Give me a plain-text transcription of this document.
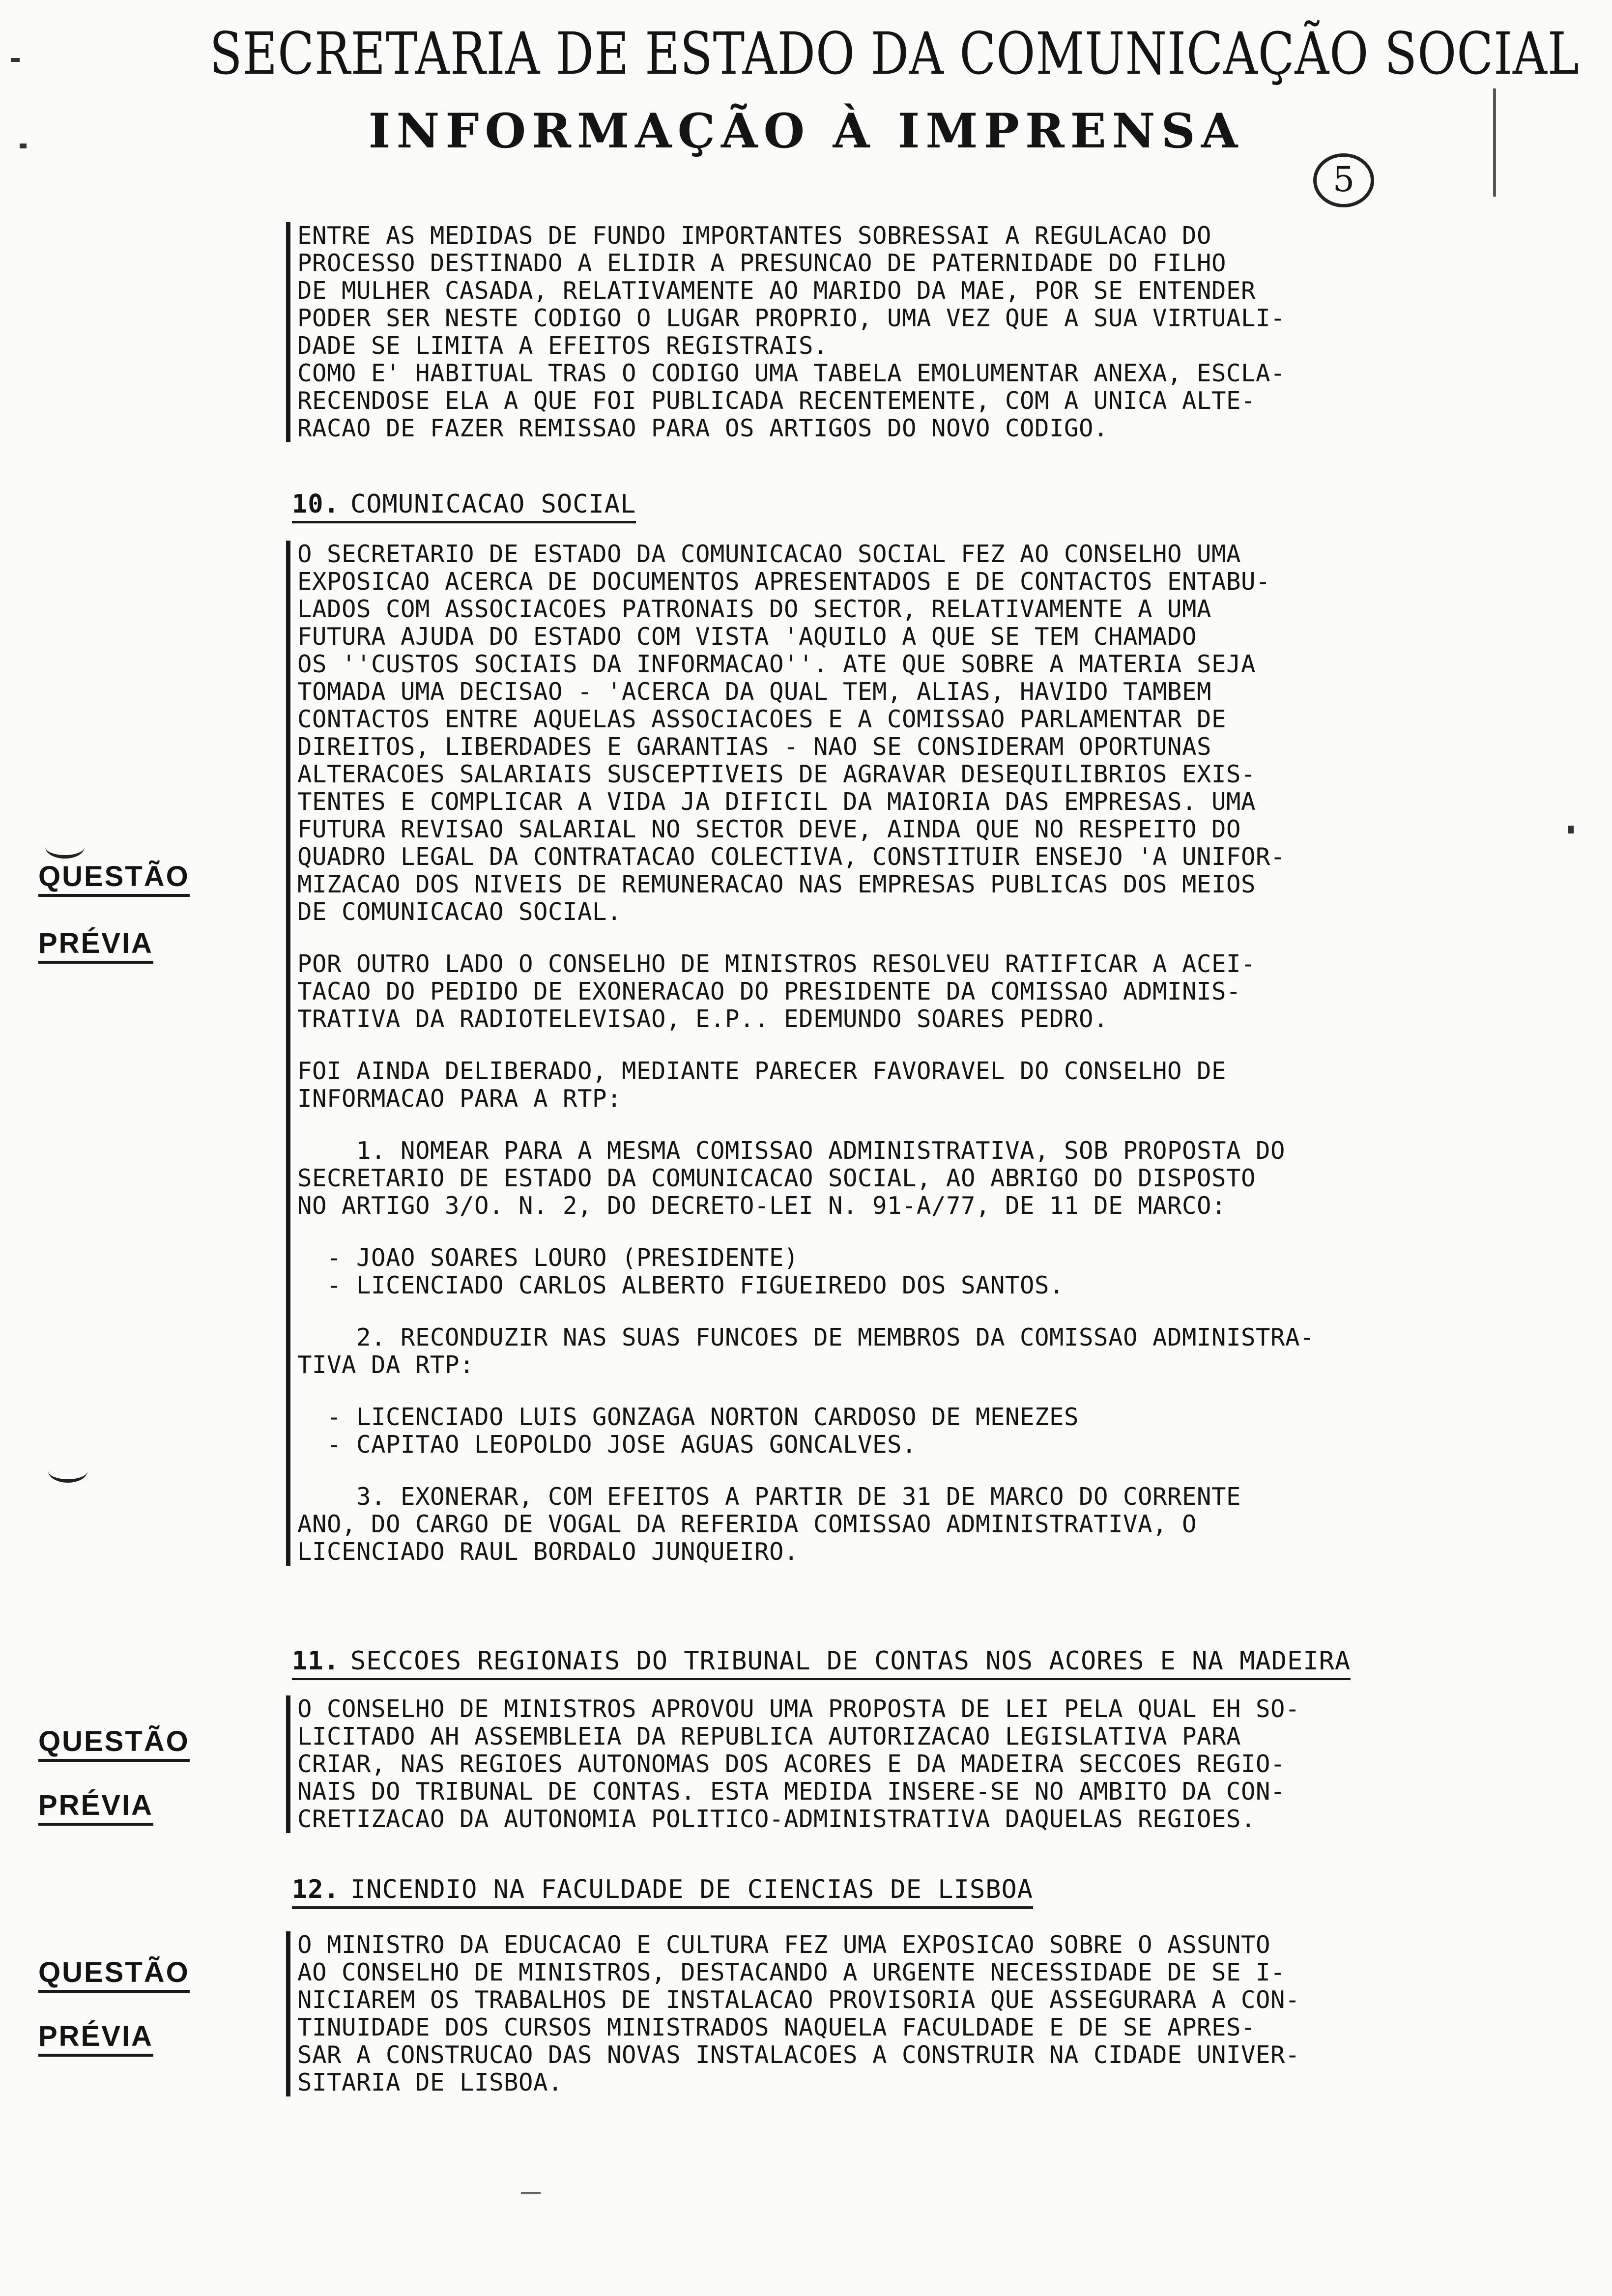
SECRETARIA DE ESTADO DA COMUNICAÇÃO SOCIAL
INFORMAÇÃO À IMPRENSA
5
ENTRE AS MEDIDAS DE FUNDO IMPORTANTES SOBRESSAI A REGULACAO DO
PROCESSO DESTINADO A ELIDIR A PRESUNCAO DE PATERNIDADE DO FILHO
DE MULHER CASADA, RELATIVAMENTE AO MARIDO DA MAE, POR SE ENTENDER
PODER SER NESTE CODIGO O LUGAR PROPRIO, UMA VEZ QUE A SUA VIRTUALI-
DADE SE LIMITA A EFEITOS REGISTRAIS.
COMO E' HABITUAL TRAS O CODIGO UMA TABELA EMOLUMENTAR ANEXA, ESCLA-
RECENDOSE ELA A QUE FOI PUBLICADA RECENTEMENTE, COM A UNICA ALTE-
RACAO DE FAZER REMISSAO PARA OS ARTIGOS DO NOVO CODIGO.
10. COMUNICACAO SOCIAL
O SECRETARIO DE ESTADO DA COMUNICACAO SOCIAL FEZ AO CONSELHO UMA
EXPOSICAO ACERCA DE DOCUMENTOS APRESENTADOS E DE CONTACTOS ENTABU-
LADOS COM ASSOCIACOES PATRONAIS DO SECTOR, RELATIVAMENTE A UMA
FUTURA AJUDA DO ESTADO COM VISTA 'AQUILO A QUE SE TEM CHAMADO
OS ''CUSTOS SOCIAIS DA INFORMACAO''. ATE QUE SOBRE A MATERIA SEJA
TOMADA UMA DECISAO - 'ACERCA DA QUAL TEM, ALIAS, HAVIDO TAMBEM
CONTACTOS ENTRE AQUELAS ASSOCIACOES E A COMISSAO PARLAMENTAR DE
DIREITOS, LIBERDADES E GARANTIAS - NAO SE CONSIDERAM OPORTUNAS
ALTERACOES SALARIAIS SUSCEPTIVEIS DE AGRAVAR DESEQUILIBRIOS EXIS-
TENTES E COMPLICAR A VIDA JA DIFICIL DA MAIORIA DAS EMPRESAS. UMA
FUTURA REVISAO SALARIAL NO SECTOR DEVE, AINDA QUE NO RESPEITO DO
QUADRO LEGAL DA CONTRATACAO COLECTIVA, CONSTITUIR ENSEJO 'A UNIFOR-
MIZACAO DOS NIVEIS DE REMUNERACAO NAS EMPRESAS PUBLICAS DOS MEIOS
DE COMUNICACAO SOCIAL.
POR OUTRO LADO O CONSELHO DE MINISTROS RESOLVEU RATIFICAR A ACEI-
TACAO DO PEDIDO DE EXONERACAO DO PRESIDENTE DA COMISSAO ADMINIS-
TRATIVA DA RADIOTELEVISAO, E.P.. EDEMUNDO SOARES PEDRO.
FOI AINDA DELIBERADO, MEDIANTE PARECER FAVORAVEL DO CONSELHO DE
INFORMACAO PARA A RTP:
1. NOMEAR PARA A MESMA COMISSAO ADMINISTRATIVA, SOB PROPOSTA DO
SECRETARIO DE ESTADO DA COMUNICACAO SOCIAL, AO ABRIGO DO DISPOSTO
NO ARTIGO 3/O. N. 2, DO DECRETO-LEI N. 91-A/77, DE 11 DE MARCO:
- JOAO SOARES LOURO (PRESIDENTE)
- LICENCIADO CARLOS ALBERTO FIGUEIREDO DOS SANTOS.
2. RECONDUZIR NAS SUAS FUNCOES DE MEMBROS DA COMISSAO ADMINISTRA-
TIVA DA RTP:
- LICENCIADO LUIS GONZAGA NORTON CARDOSO DE MENEZES
- CAPITAO LEOPOLDO JOSE AGUAS GONCALVES.
3. EXONERAR, COM EFEITOS A PARTIR DE 31 DE MARCO DO CORRENTE
ANO, DO CARGO DE VOGAL DA REFERIDA COMISSAO ADMINISTRATIVA, O
LICENCIADO RAUL BORDALO JUNQUEIRO.
11. SECCOES REGIONAIS DO TRIBUNAL DE CONTAS NOS ACORES E NA MADEIRA
O CONSELHO DE MINISTROS APROVOU UMA PROPOSTA DE LEI PELA QUAL EH SO-
LICITADO AH ASSEMBLEIA DA REPUBLICA AUTORIZACAO LEGISLATIVA PARA
CRIAR, NAS REGIOES AUTONOMAS DOS ACORES E DA MADEIRA SECCOES REGIO-
NAIS DO TRIBUNAL DE CONTAS. ESTA MEDIDA INSERE-SE NO AMBITO DA CON-
CRETIZACAO DA AUTONOMIA POLITICO-ADMINISTRATIVA DAQUELAS REGIOES.
12. INCENDIO NA FACULDADE DE CIENCIAS DE LISBOA
O MINISTRO DA EDUCACAO E CULTURA FEZ UMA EXPOSICAO SOBRE O ASSUNTO
AO CONSELHO DE MINISTROS, DESTACANDO A URGENTE NECESSIDADE DE SE I-
NICIAREM OS TRABALHOS DE INSTALACAO PROVISORIA QUE ASSEGURARA A CON-
TINUIDADE DOS CURSOS MINISTRADOS NAQUELA FACULDADE E DE SE APRES-
SAR A CONSTRUCAO DAS NOVAS INSTALACOES A CONSTRUIR NA CIDADE UNIVER-
SITARIA DE LISBOA.
QUESTÃO
PRÉVIA
QUESTÃO
PRÉVIA
QUESTÃO
PRÉVIA
